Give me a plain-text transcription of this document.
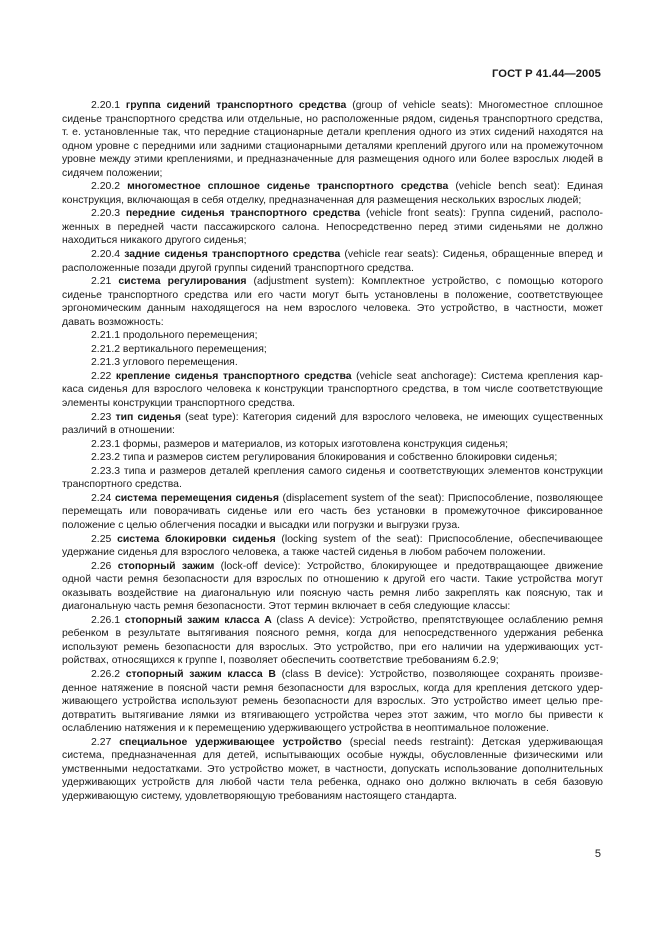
ГОСТ Р 41.44—2005

2.20.1 группа сидений транспортного средства (group of vehicle seats): Многоместное сплошное сиденье транспортного средства или отдельные, но расположенные рядом, сиденья транспортного средства, т. е. установленные так, что передние стационарные детали крепления одного из этих сидений находятся на одном уровне с передними или задними стационарными деталями креплений другого или на промежуточном уровне между этими креплениями, и предназначенные для размещения одного или более взрослых людей в сидячем положении;

2.20.2 многоместное сплошное сиденье транспортного средства (vehicle bench seat): Единая конструкция, включающая в себя отделку, предназначенная для размещения нескольких взрослых людей;

2.20.3 передние сиденья транспортного средства (vehicle front seats): Группа сидений, расположенных в передней части пассажирского салона. Непосредственно перед этими сиденьями не должно находиться никакого другого сиденья;

2.20.4 задние сиденья транспортного средства (vehicle rear seats): Сиденья, обращенные вперед и расположенные позади другой группы сидений транспортного средства.

2.21 система регулирования (adjustment system): Комплектное устройство, с помощью которого сиденье транспортного средства или его части могут быть установлены в положение, соответствующее эргономическим данным находящегося на нем взрослого человека. Это устройство, в частности, может давать возможность:

2.21.1 продольного перемещения;

2.21.2 вертикального перемещения;

2.21.3 углового перемещения.

2.22 крепление сиденья транспортного средства (vehicle seat anchorage): Система крепления каркаса сиденья для взрослого человека к конструкции транспортного средства, в том числе соответствующие элементы конструкции транспортного средства.

2.23 тип сиденья (seat type): Категория сидений для взрослого человека, не имеющих существенных различий в отношении:

2.23.1 формы, размеров и материалов, из которых изготовлена конструкция сиденья;

2.23.2 типа и размеров систем регулирования блокирования и собственно блокировки сиденья;

2.23.3 типа и размеров деталей крепления самого сиденья и соответствующих элементов конструкции транспортного средства.

2.24 система перемещения сиденья (displacement system of the seat): Приспособление, позволяющее перемещать или поворачивать сиденье или его часть без установки в промежуточное фиксированное положение с целью облегчения посадки и высадки или погрузки и выгрузки груза.

2.25 система блокировки сиденья (locking system of the seat): Приспособление, обеспечивающее удержание сиденья для взрослого человека, а также частей сиденья в любом рабочем положении.

2.26 стопорный зажим (lock-off device): Устройство, блокирующее и предотвращающее движение одной части ремня безопасности для взрослых по отношению к другой его части. Такие устройства могут оказывать воздействие на диагональную или поясную часть ремня либо закреплять как поясную, так и диагональную часть ремня безопасности. Этот термин включает в себя следующие классы:

2.26.1 стопорный зажим класса А (class A device): Устройство, препятствующее ослаблению ремня ребенком в результате вытягивания поясного ремня, когда для непосредственного удержания ребенка используют ремень безопасности для взрослых. Это устройство, при его наличии на удерживающих устройствах, относящихся к группе I, позволяет обеспечить соответствие требованиям 6.2.9;

2.26.2 стопорный зажим класса В (class B device): Устройство, позволяющее сохранять произведенное натяжение в поясной части ремня безопасности для взрослых, когда для крепления детского удерживающего устройства используют ремень безопасности для взрослых. Это устройство имеет целью предотвратить вытягивание лямки из втягивающего устройства через этот зажим, что могло бы привести к ослаблению натяжения и к перемещению удерживающего устройства в неоптимальное положение.

2.27 специальное удерживающее устройство (special needs restraint): Детская удерживающая система, предназначенная для детей, испытывающих особые нужды, обусловленные физическими или умственными недостатками. Это устройство может, в частности, допускать использование дополнительных удерживающих устройств для любой части тела ребенка, однако оно должно включать в себя базовую удерживающую систему, удовлетворяющую требованиям настоящего стандарта.

5
